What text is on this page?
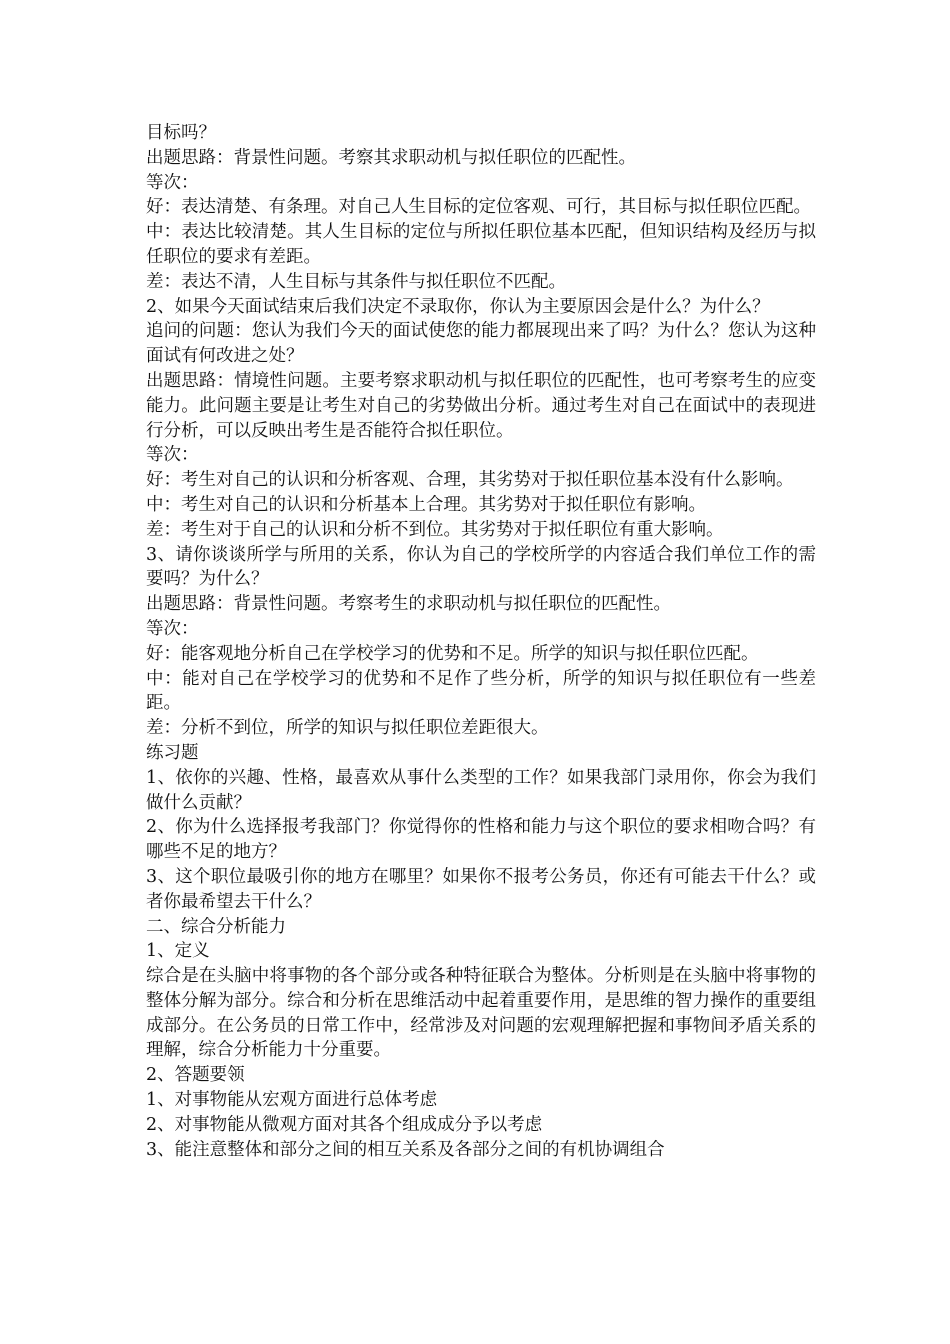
目标吗？

出题思路：背景性问题。考察其求职动机与拟任职位的匹配性。

等次：

好：表达清楚、有条理。对自己人生目标的定位客观、可行，其目标与拟任职位匹配。

中：表达比较清楚。其人生目标的定位与所拟任职位基本匹配，但知识结构及经历与拟任职位的要求有差距。

差：表达不清，人生目标与其条件与拟任职位不匹配。

2、如果今天面试结束后我们决定不录取你，你认为主要原因会是什么？为什么？

追问的问题：您认为我们今天的面试使您的能力都展现出来了吗？为什么？您认为这种面试有何改进之处？

出题思路：情境性问题。主要考察求职动机与拟任职位的匹配性，也可考察考生的应变能力。此问题主要是让考生对自己的劣势做出分析。通过考生对自己在面试中的表现进行分析，可以反映出考生是否能符合拟任职位。

等次：

好：考生对自己的认识和分析客观、合理，其劣势对于拟任职位基本没有什么影响。

中：考生对自己的认识和分析基本上合理。其劣势对于拟任职位有影响。

差：考生对于自己的认识和分析不到位。其劣势对于拟任职位有重大影响。

3、请你谈谈所学与所用的关系，你认为自己的学校所学的内容适合我们单位工作的需要吗？为什么？

出题思路：背景性问题。考察考生的求职动机与拟任职位的匹配性。

等次：

好：能客观地分析自己在学校学习的优势和不足。所学的知识与拟任职位匹配。

中：能对自己在学校学习的优势和不足作了些分析，所学的知识与拟任职位有一些差距。

差：分析不到位，所学的知识与拟任职位差距很大。

练习题

1、依你的兴趣、性格，最喜欢从事什么类型的工作？如果我部门录用你，你会为我们做什么贡献？

2、你为什么选择报考我部门？你觉得你的性格和能力与这个职位的要求相吻合吗？有哪些不足的地方？

3、这个职位最吸引你的地方在哪里？如果你不报考公务员，你还有可能去干什么？或者你最希望去干什么？

二、综合分析能力

1、定义

综合是在头脑中将事物的各个部分或各种特征联合为整体。分析则是在头脑中将事物的整体分解为部分。综合和分析在思维活动中起着重要作用，是思维的智力操作的重要组成部分。在公务员的日常工作中，经常涉及对问题的宏观理解把握和事物间矛盾关系的理解，综合分析能力十分重要。

2、答题要领

1、对事物能从宏观方面进行总体考虑

2、对事物能从微观方面对其各个组成成分予以考虑

3、能注意整体和部分之间的相互关系及各部分之间的有机协调组合
